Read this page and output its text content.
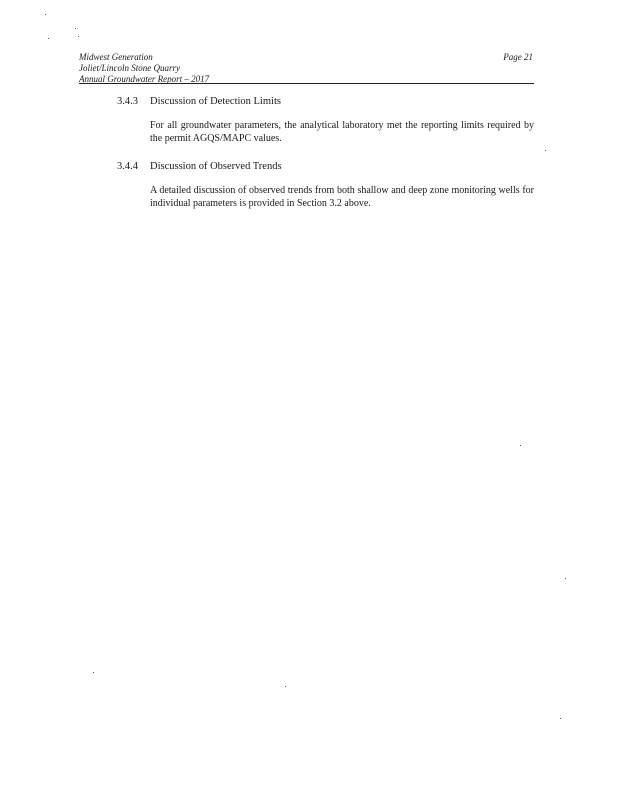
Midwest Generation
Joliet/Lincoln Stone Quarry
Annual Groundwater Report – 2017
Page 21
3.4.3 Discussion of Detection Limits
For all groundwater parameters, the analytical laboratory met the reporting limits required by the permit AGQS/MAPC values.
3.4.4 Discussion of Observed Trends
A detailed discussion of observed trends from both shallow and deep zone monitoring wells for individual parameters is provided in Section 3.2 above.
